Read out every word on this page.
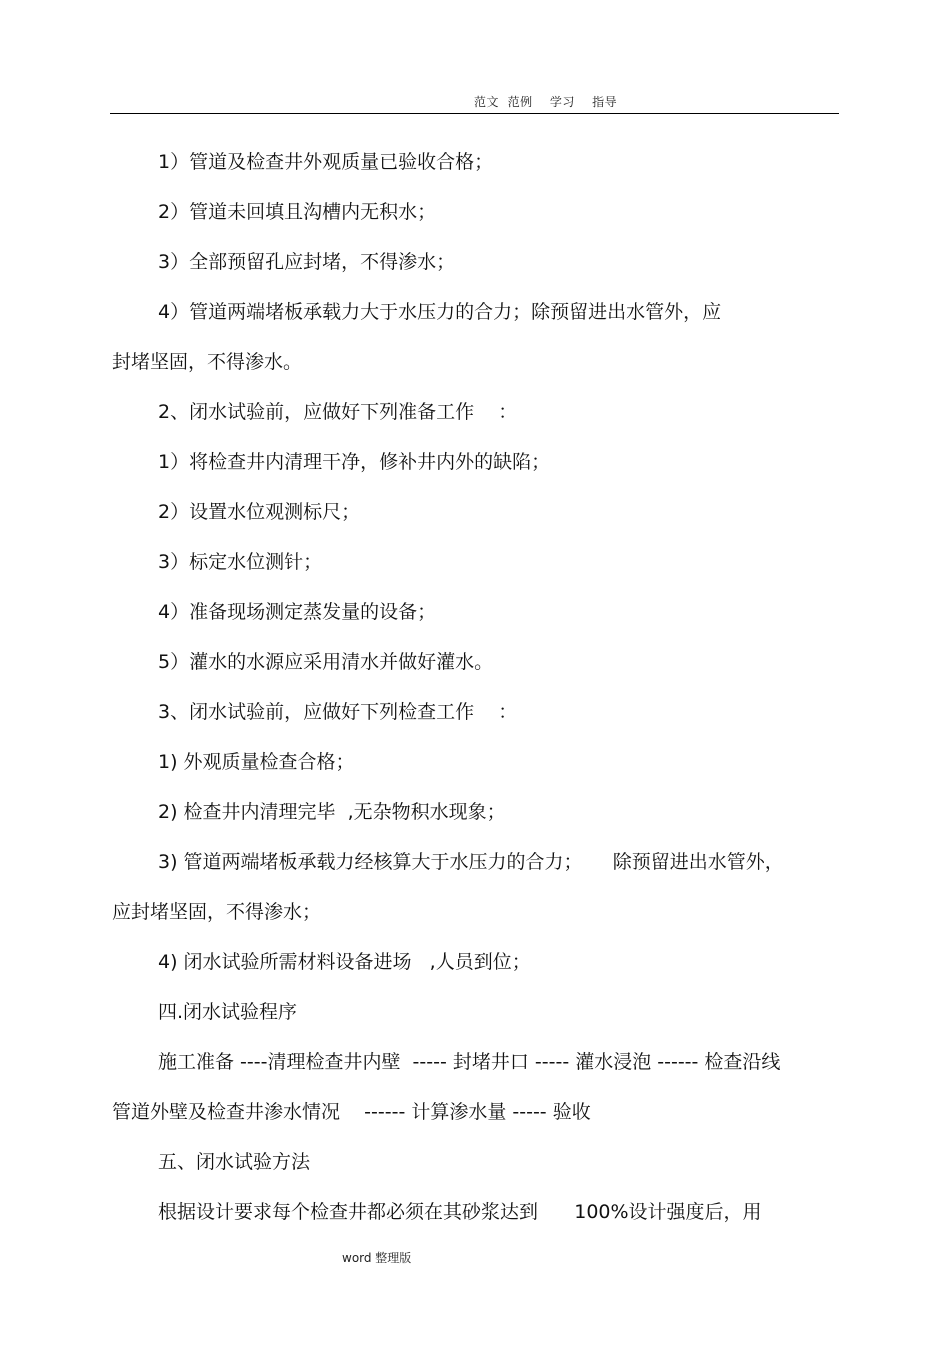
范文  范例    学习    指导
1）管道及检查井外观质量已验收合格；
2）管道未回填且沟槽内无积水；
3）全部预留孔应封堵，不得渗水；
4）管道两端堵板承载力大于水压力的合力；除预留进出水管外，应
封堵坚固，不得渗水。
2、闭水试验前，应做好下列准备工作    ：
1）将检查井内清理干净，修补井内外的缺陷；
2）设置水位观测标尺；
3）标定水位测针；
4）准备现场测定蒸发量的设备；
5）灌水的水源应采用清水并做好灌水。
3、闭水试验前，应做好下列检查工作    ：
1) 外观质量检查合格；
2) 检查井内清理完毕  ,无杂物积水现象；
3) 管道两端堵板承载力经核算大于水压力的合力；     除预留进出水管外，
应封堵坚固，不得渗水；
4) 闭水试验所需材料设备进场   ,人员到位；
四.闭水试验程序
施工准备 ----清理检查井内壁  ----- 封堵井口 ----- 灌水浸泡 ------ 检查沿线
管道外壁及检查井渗水情况    ------ 计算渗水量 ----- 验收
五、闭水试验方法
根据设计要求每个检查井都必须在其砂浆达到      100%设计强度后，用
word 整理版
